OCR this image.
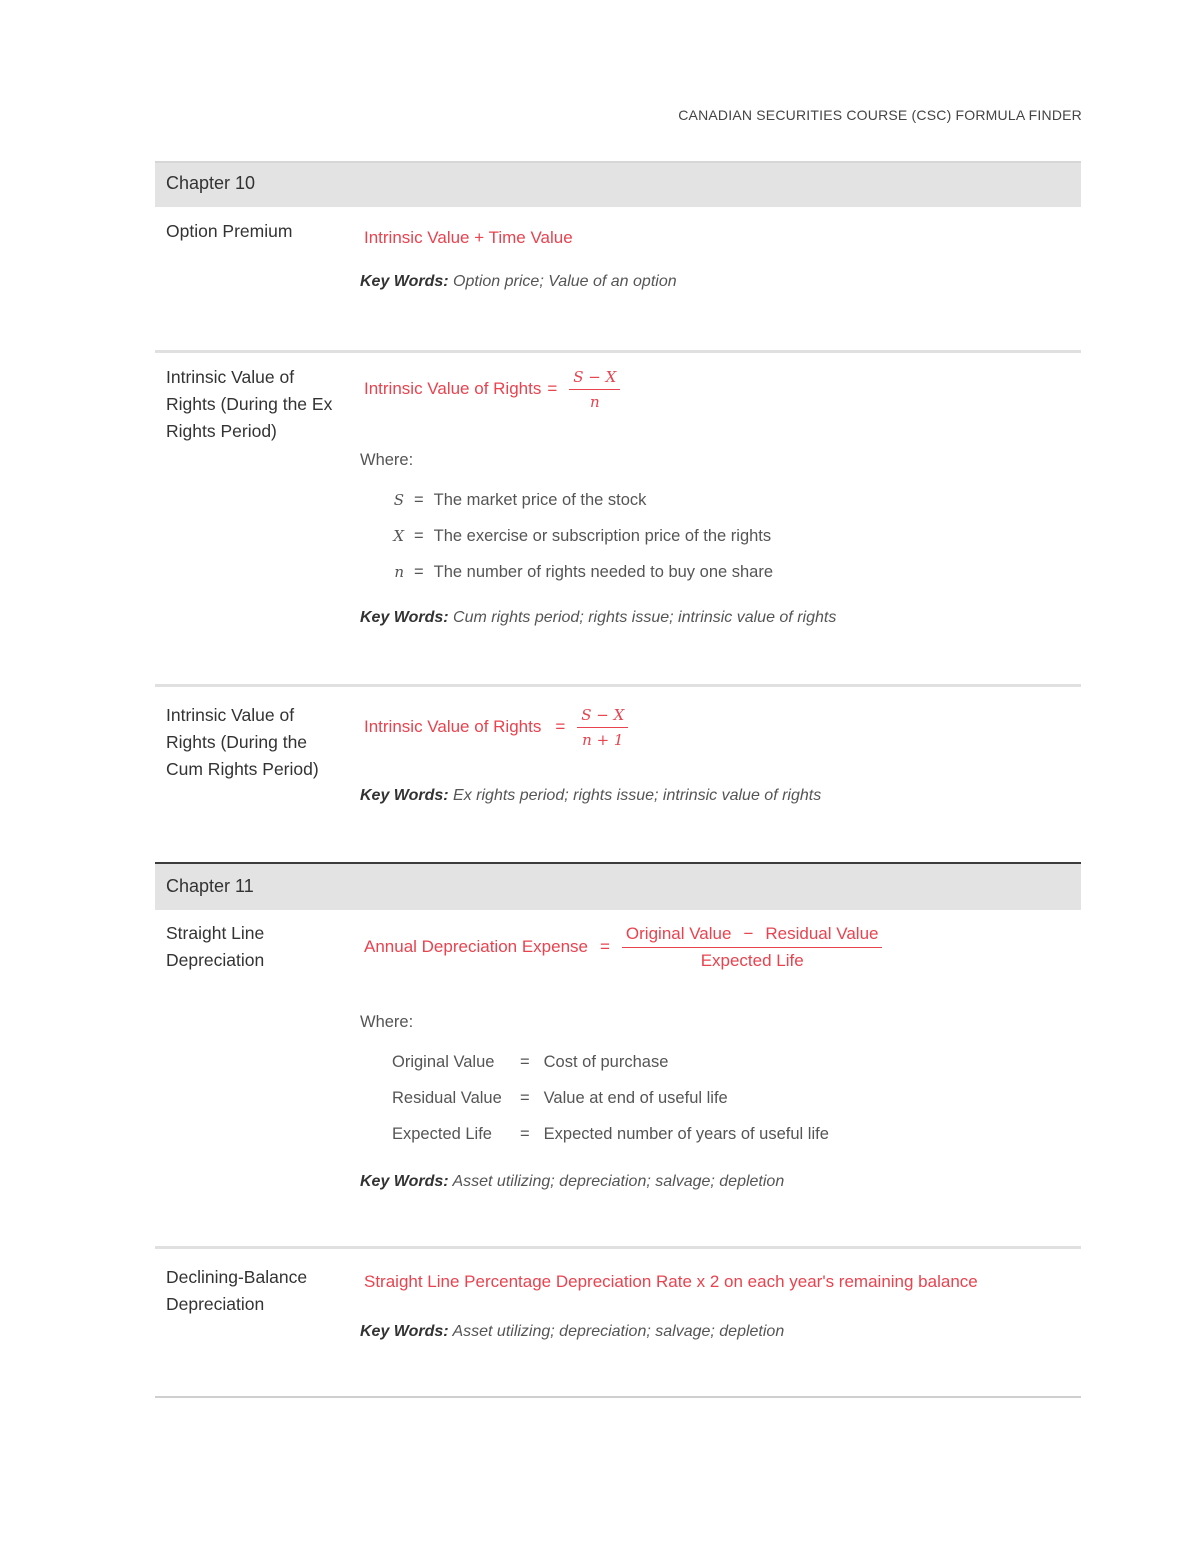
CANADIAN SECURITIES COURSE (CSC) FORMULA FINDER
Chapter 10
Option Premium	Intrinsic Value + Time Value
Key Words: Option price; Value of an option
Intrinsic Value of Rights (During the Ex Rights Period)
Intrinsic Value of Rights = $\frac{S - X}{n}$
Where:
S = The market price of the stock
X = The exercise or subscription price of the rights
n = The number of rights needed to buy one share
Key Words: Cum rights period; rights issue; intrinsic value of rights
Intrinsic Value of Rights (During the Cum Rights Period)
Intrinsic Value of Rights = $\frac{S - X}{n + 1}$
Key Words: Ex rights period; rights issue; intrinsic value of rights
Chapter 11
Straight Line Depreciation
Annual Depreciation Expense = $\frac{\text{Original Value − Residual Value}}{\text{Expected Life}}$
Where:
Original Value = Cost of purchase
Residual Value = Value at end of useful life
Expected Life = Expected number of years of useful life
Key Words: Asset utilizing; depreciation; salvage; depletion
Declining-Balance Depreciation
Straight Line Percentage Depreciation Rate x 2 on each year's remaining balance
Key Words: Asset utilizing; depreciation; salvage; depletion
